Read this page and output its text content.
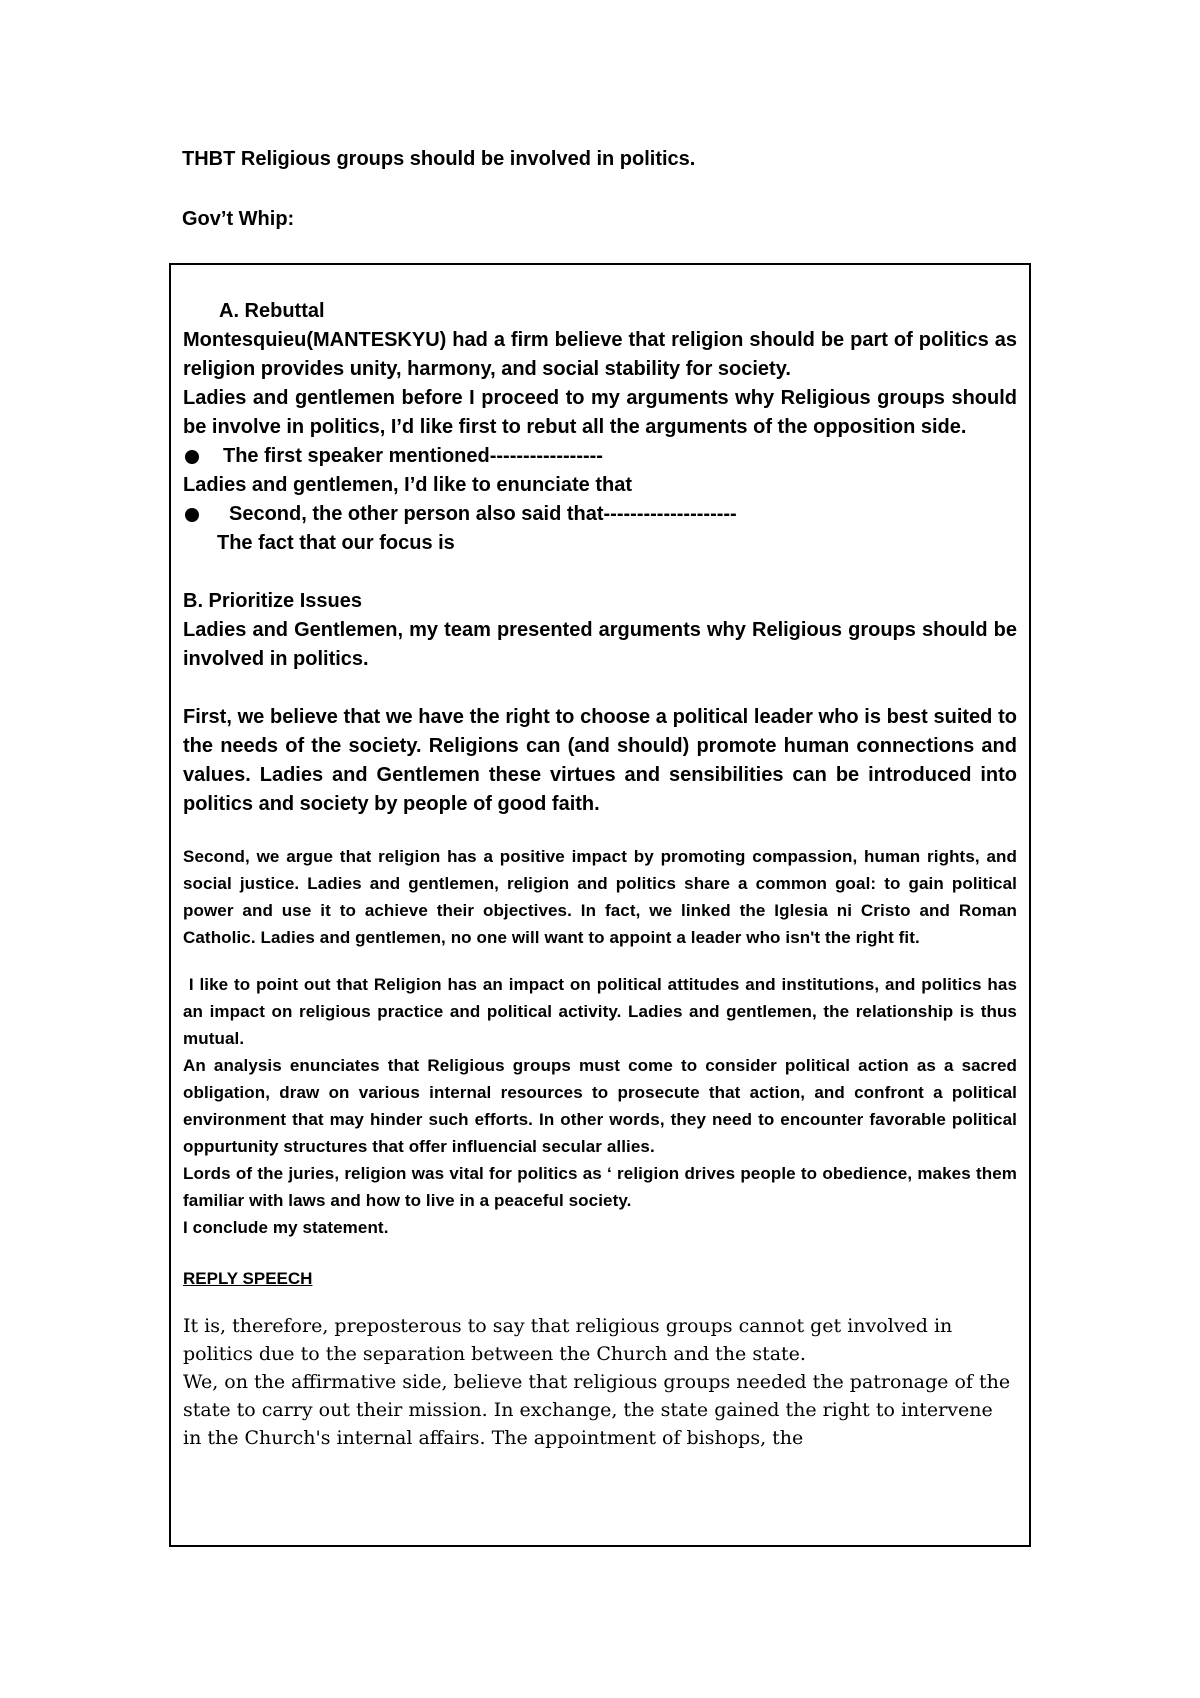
THBT Religious groups should be involved in politics.
Gov’t Whip:
A. Rebuttal

Montesquieu(MANTESKYU) had a firm believe that religion should be part of politics as religion provides unity, harmony, and social stability for society.

Ladies and gentlemen before I proceed to my arguments why Religious groups should be involve in politics, I’d like first to rebut all the arguments of the opposition side.

The first speaker mentioned-----------------
Ladies and gentlemen, I’d like to enunciate that
Second, the other person also said that--------------------
The fact that our focus is
B. Prioritize Issues

Ladies and Gentlemen, my team presented arguments why Religious groups should be involved in politics.

First, we believe that we have the right to choose a political leader who is best suited to the needs of the society. Religions can (and should) promote human connections and values. Ladies and Gentlemen these virtues and sensibilities can be introduced into politics and society by people of good faith.

Second, we argue that religion has a positive impact by promoting compassion, human rights, and social justice. Ladies and gentlemen, religion and politics share a common goal: to gain political power and use it to achieve their objectives. In fact, we linked the Iglesia ni Cristo and Roman Catholic. Ladies and gentlemen, no one will want to appoint a leader who isn't the right fit.

I like to point out that Religion has an impact on political attitudes and institutions, and politics has an impact on religious practice and political activity. Ladies and gentlemen, the relationship is thus mutual.

An analysis enunciates that Religious groups must come to consider political action as a sacred obligation, draw on various internal resources to prosecute that action, and confront a political environment that may hinder such efforts. In other words, they need to encounter favorable political oppurtunity structures that offer influencial secular allies.

Lords of the juries, religion was vital for politics as ‘ religion drives people to obedience, makes them familiar with laws and how to live in a peaceful society.

I conclude my statement.

REPLY SPEECH

It is, therefore, preposterous to say that religious groups cannot get involved in politics due to the separation between the Church and the state.

We, on the affirmative side, believe that religious groups needed the patronage of the state to carry out their mission. In exchange, the state gained the right to intervene in the Church's internal affairs. The appointment of bishops, the
